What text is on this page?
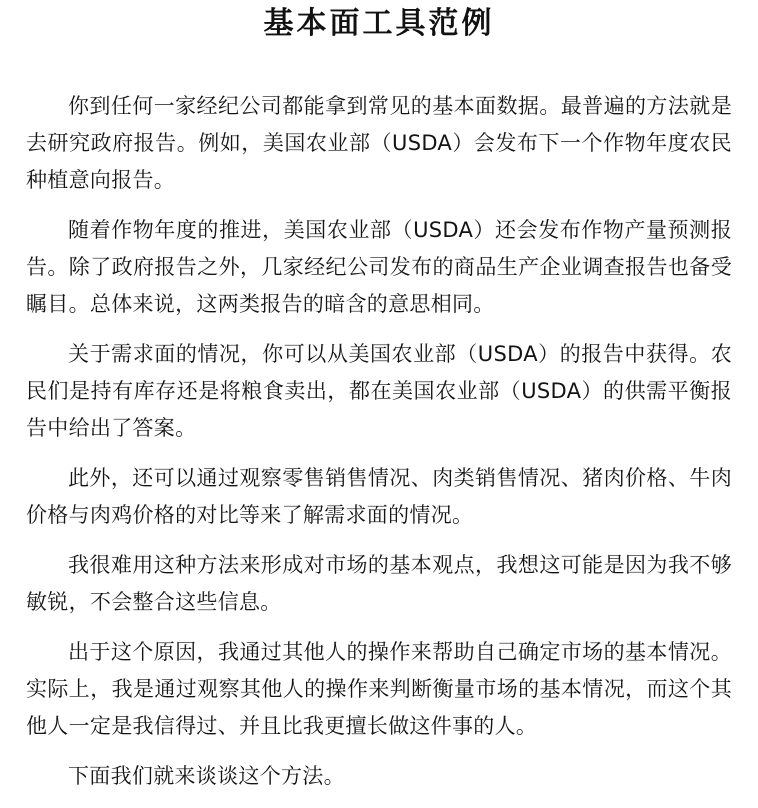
基本面工具范例

你到任何一家经纪公司都能拿到常见的基本面数据。最普遍的方法就是去研究政府报告。例如，美国农业部（USDA）会发布下一个作物年度农民种植意向报告。

随着作物年度的推进，美国农业部（USDA）还会发布作物产量预测报告。除了政府报告之外，几家经纪公司发布的商品生产企业调查报告也备受瞩目。总体来说，这两类报告的暗含的意思相同。

关于需求面的情况，你可以从美国农业部（USDA）的报告中获得。农民们是持有库存还是将粮食卖出，都在美国农业部（USDA）的供需平衡报告中给出了答案。

此外，还可以通过观察零售销售情况、肉类销售情况、猪肉价格、牛肉价格与肉鸡价格的对比等来了解需求面的情况。

我很难用这种方法来形成对市场的基本观点，我想这可能是因为我不够敏锐，不会整合这些信息。

出于这个原因，我通过其他人的操作来帮助自己确定市场的基本情况。实际上，我是通过观察其他人的操作来判断衡量市场的基本情况，而这个其他人一定是我信得过、并且比我更擅长做这件事的人。

下面我们就来谈谈这个方法。
